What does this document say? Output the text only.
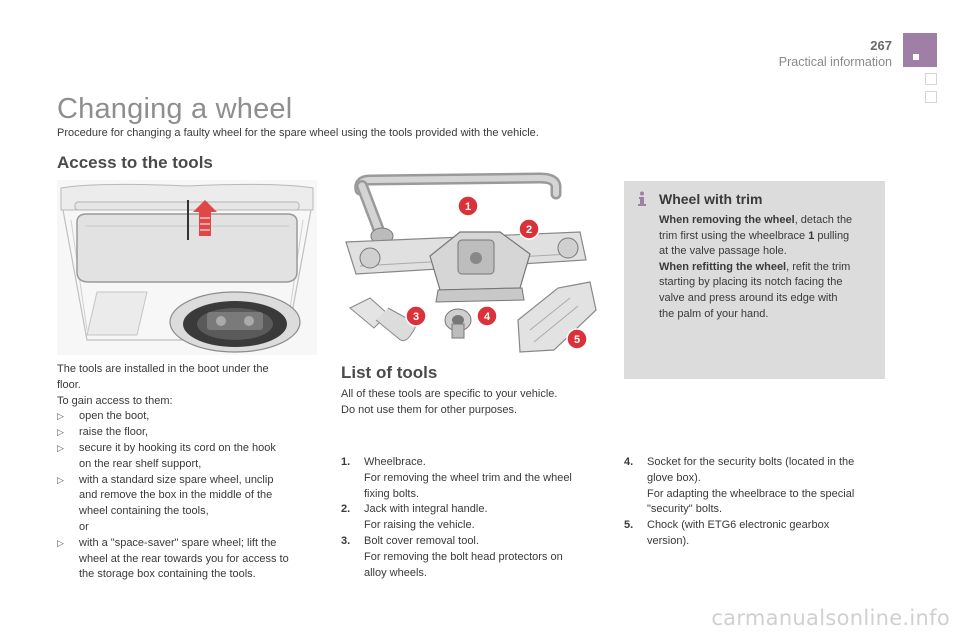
267
Practical information
Changing a wheel
Procedure for changing a faulty wheel for the spare wheel using the tools provided with the vehicle.
Access to the tools
The tools are installed in the boot under the
floor.
To gain access to them:
▷ open the boot,
▷ raise the floor,
▷ secure it by hooking its cord on the hook
on the rear shelf support,
▷ with a standard size spare wheel, unclip
and remove the box in the middle of the
wheel containing the tools,
or
▷ with a "space-saver" spare wheel; lift the
wheel at the rear towards you for access to
the storage box containing the tools.
1
2
3	4
5
List of tools
All of these tools are specific to your vehicle.
Do not use them for other purposes.
1. Wheelbrace.
For removing the wheel trim and the wheel
fixing bolts.
2. Jack with integral handle.
For raising the vehicle.
3. Bolt cover removal tool.
For removing the bolt head protectors on
alloy wheels.
4. Socket for the security bolts (located in the
glove box).
For adapting the wheelbrace to the special
"security" bolts.
5. Chock (with ETG6 electronic gearbox
version).
Wheel with trim
When removing the wheel, detach the
trim first using the wheelbrace 1 pulling
at the valve passage hole.
When refitting the wheel, refit the trim
starting by placing its notch facing the
valve and press around its edge with
the palm of your hand.
carmanualsonline.info
